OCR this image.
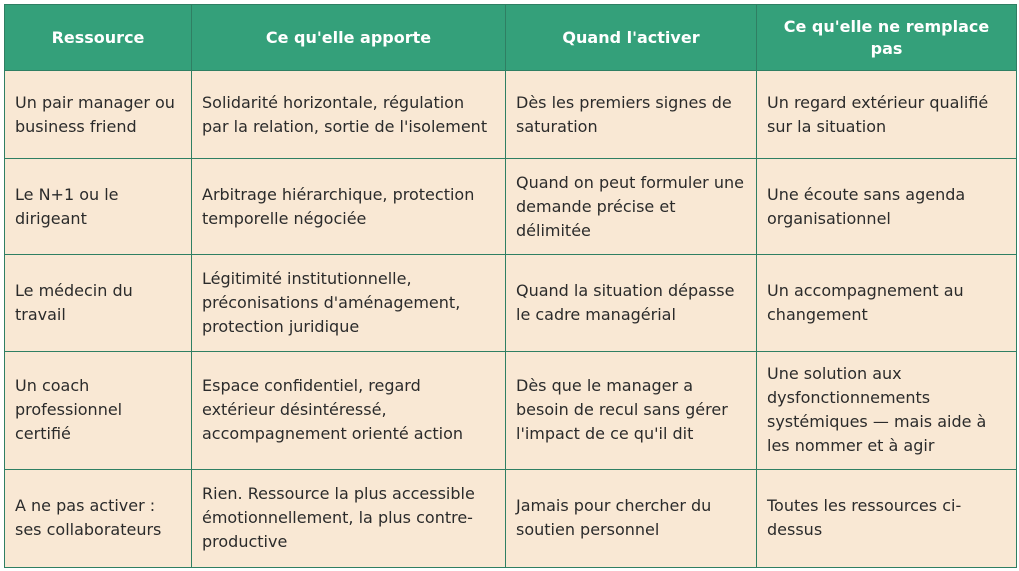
Ressource	Ce qu'elle apporte	Quand l'activer	Ce qu'elle ne remplace pas
Un pair manager ou business friend	Solidarité horizontale, régulation par la relation, sortie de l'isolement	Dès les premiers signes de saturation	Un regard extérieur qualifié sur la situation
Le N+1 ou le dirigeant	Arbitrage hiérarchique, protection temporelle négociée	Quand on peut formuler une demande précise et délimitée	Une écoute sans agenda organisationnel
Le médecin du travail	Légitimité institutionnelle, préconisations d'aménagement, protection juridique	Quand la situation dépasse le cadre managérial	Un accompagnement au changement
Un coach professionnel certifié	Espace confidentiel, regard extérieur désintéressé, accompagnement orienté action	Dès que le manager a besoin de recul sans gérer l'impact de ce qu'il dit	Une solution aux dysfonctionnements systémiques — mais aide à les nommer et à agir
A ne pas activer : ses collaborateurs	Rien. Ressource la plus accessible émotionnellement, la plus contre-productive	Jamais pour chercher du soutien personnel	Toutes les ressources ci-dessus
